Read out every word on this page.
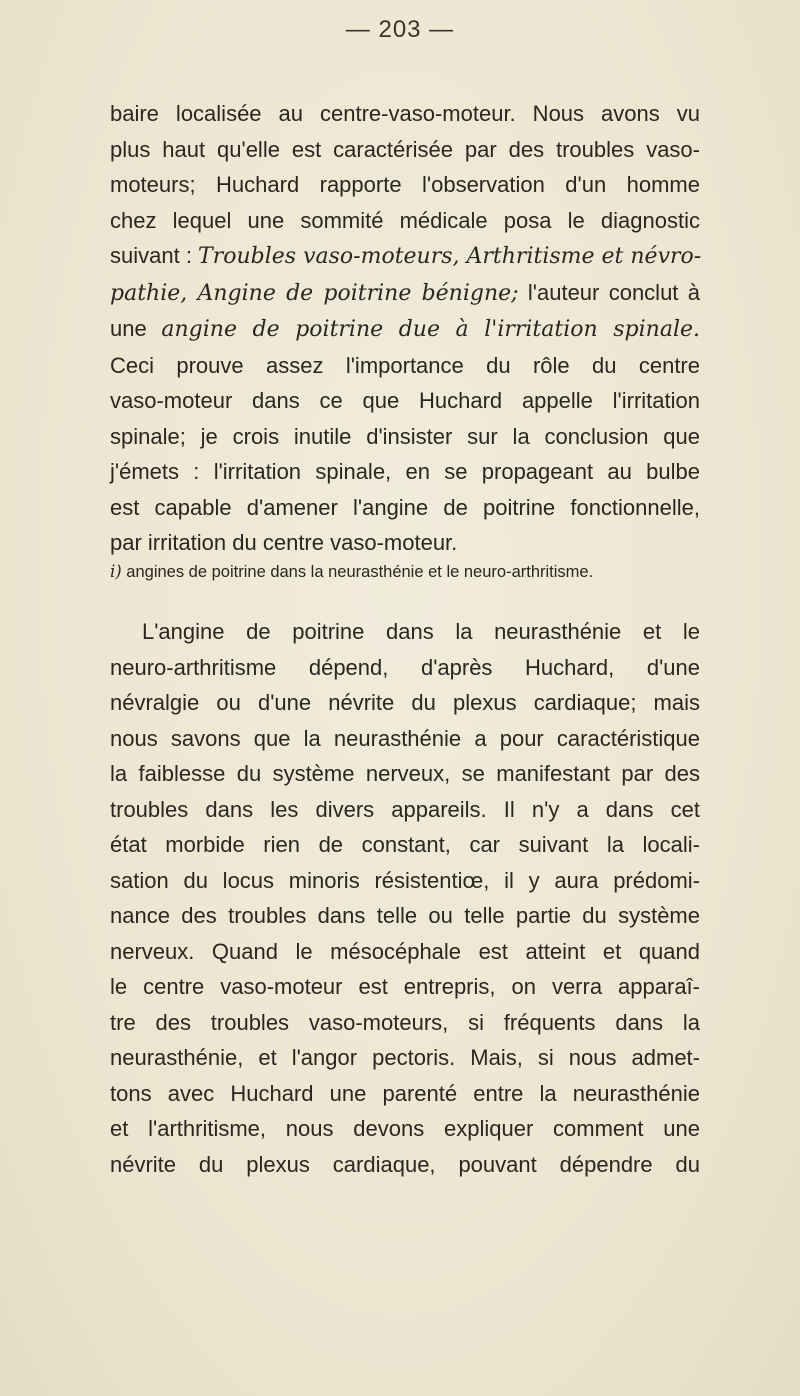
— 203 —
baire localisée au centre-vaso-moteur. Nous avons vu
plus haut qu'elle est caractérisée par des troubles vaso-
moteurs; Huchard rapporte l'observation d'un homme
chez lequel une sommité médicale posa le diagnostic
suivant : Troubles vaso-moteurs, Arthritisme et névro-
pathie, Angine de poitrine bénigne; l'auteur conclut à
une angine de poitrine due à l'irritation spinale.
Ceci prouve assez l'importance du rôle du centre
vaso-moteur dans ce que Huchard appelle l'irritation
spinale; je crois inutile d'insister sur la conclusion que
j'émets : l'irritation spinale, en se propageant au bulbe
est capable d'amener l'angine de poitrine fonctionnelle,
par irritation du centre vaso-moteur.
i) angines de poitrine dans la neurasthénie et le neuro-arthritisme.
L'angine de poitrine dans la neurasthénie et le
neuro-arthritisme dépend, d'après Huchard, d'une
névralgie ou d'une névrite du plexus cardiaque; mais
nous savons que la neurasthénie a pour caractéristique
la faiblesse du système nerveux, se manifestant par des
troubles dans les divers appareils. Il n'y a dans cet
état morbide rien de constant, car suivant la locali-
sation du locus minoris résistentiœ, il y aura prédomi-
nance des troubles dans telle ou telle partie du système
nerveux. Quand le mésocéphale est atteint et quand
le centre vaso-moteur est entrepris, on verra apparaî-
tre des troubles vaso-moteurs, si fréquents dans la
neurasthénie, et l'angor pectoris. Mais, si nous admet-
tons avec Huchard une parenté entre la neurasthénie
et l'arthritisme, nous devons expliquer comment une
névrite du plexus cardiaque, pouvant dépendre du
